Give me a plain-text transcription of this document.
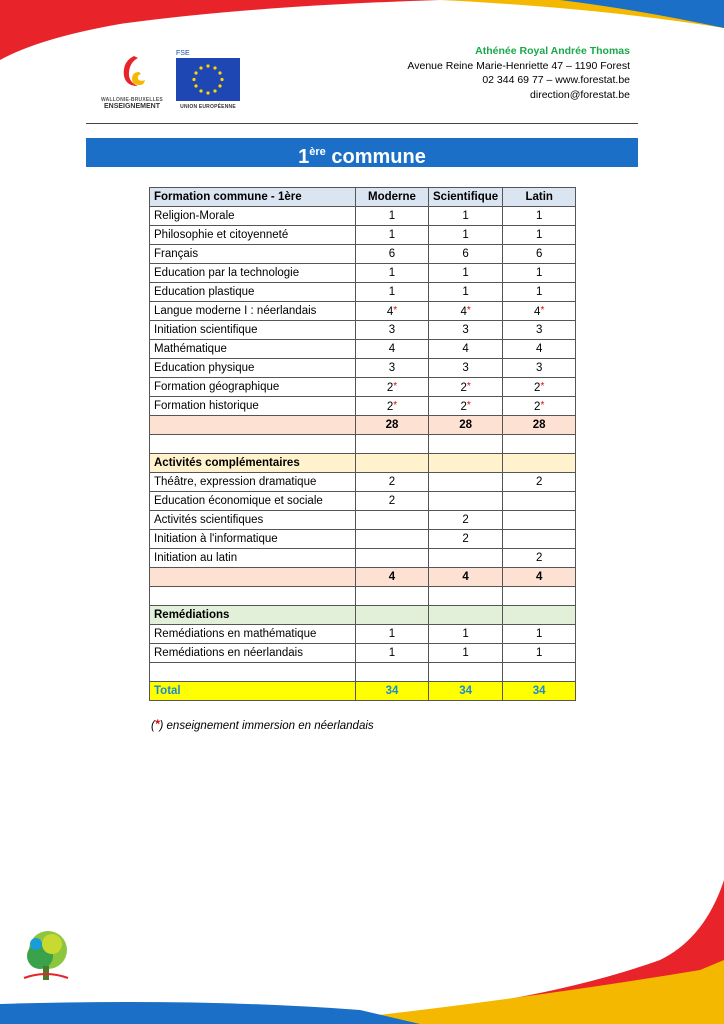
WALLONIE-BRUXELLES
ENSEIGNEMENT
FSE
UNION EUROPÉENNE
Athénée Royal Andrée Thomas
Avenue Reine Marie-Henriette 47 – 1190 Forest
02 344 69 77 – www.forestat.be
direction@forestat.be
1ère commune
Formation commune - 1ère	Moderne	Scientifique	Latin
Religion-Morale	1	1	1
Philosophie et citoyenneté	1	1	1
Français	6	6	6
Education par la technologie	1	1	1
Education plastique	1	1	1
Langue moderne I : néerlandais	4*	4*	4*
Initiation scientifique	3	3	3
Mathématique	4	4	4
Education physique	3	3	3
Formation géographique	2*	2*	2*
Formation historique	2*	2*	2*
	28	28	28

Activités complémentaires			
Théâtre, expression dramatique	2		2
Education économique et sociale	2		
Activités scientifiques		2	
Initiation à l'informatique		2	
Initiation au latin			2
	4	4	4

Remédiations			
Remédiations en mathématique	1	1	1
Remédiations en néerlandais	1	1	1

Total	34	34	34
(*) enseignement immersion en néerlandais
